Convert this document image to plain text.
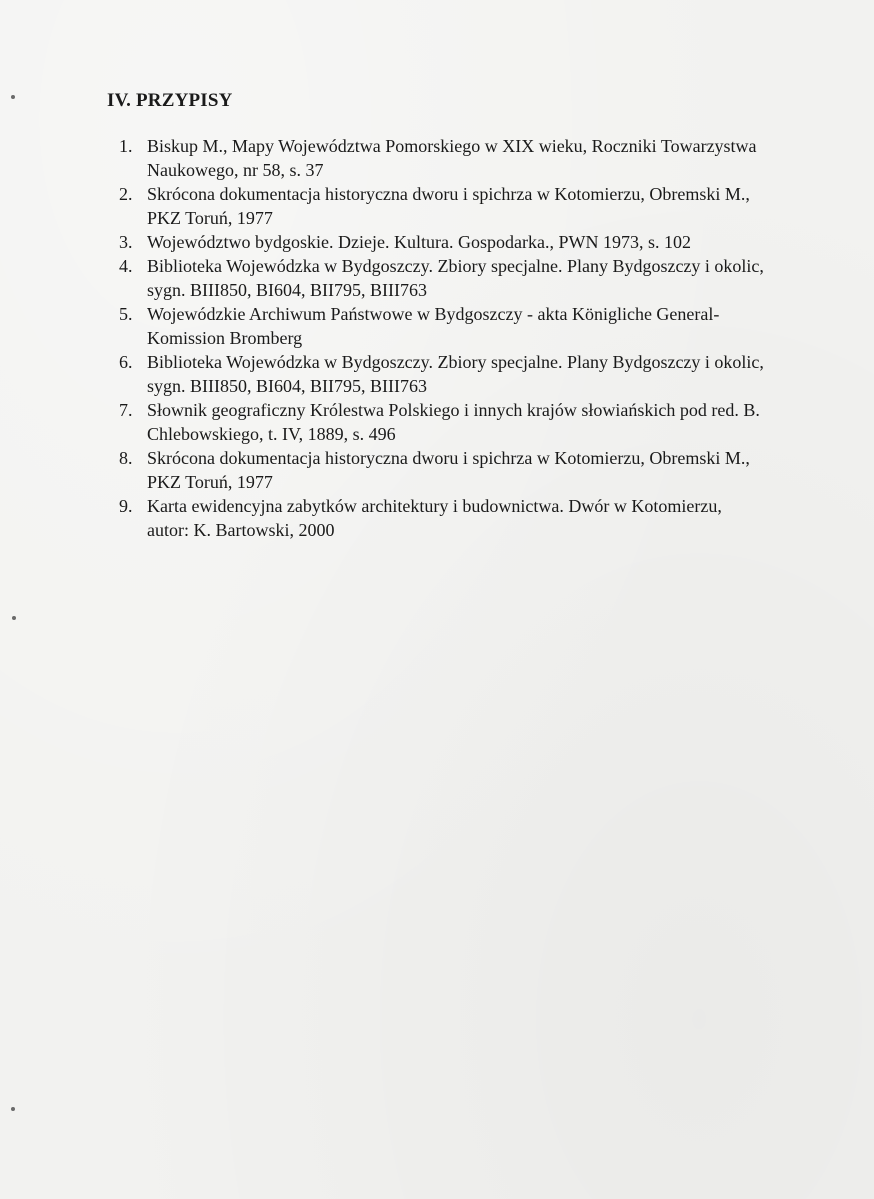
IV. PRZYPISY
1. Biskup M., Mapy Województwa Pomorskiego w XIX wieku, Roczniki Towarzystwa Naukowego, nr 58, s. 37
2. Skrócona dokumentacja historyczna dworu i spichrza w Kotomierzu, Obremski M., PKZ Toruń, 1977
3. Województwo bydgoskie. Dzieje. Kultura. Gospodarka., PWN 1973, s. 102
4. Biblioteka Wojewódzka w Bydgoszczy. Zbiory specjalne. Plany Bydgoszczy i okolic, sygn. BIII850, BI604, BII795, BIII763
5. Wojewódzkie Archiwum Państwowe w Bydgoszczy - akta Königliche General-Komission Bromberg
6. Biblioteka Wojewódzka w Bydgoszczy. Zbiory specjalne. Plany Bydgoszczy i okolic, sygn. BIII850, BI604, BII795, BIII763
7. Słownik geograficzny Królestwa Polskiego i innych krajów słowiańskich pod red. B. Chlebowskiego, t. IV, 1889, s. 496
8. Skrócona dokumentacja historyczna dworu i spichrza w Kotomierzu, Obremski M., PKZ Toruń, 1977
9. Karta ewidencyjna zabytków architektury i budownictwa. Dwór w Kotomierzu, autor: K. Bartowski, 2000
